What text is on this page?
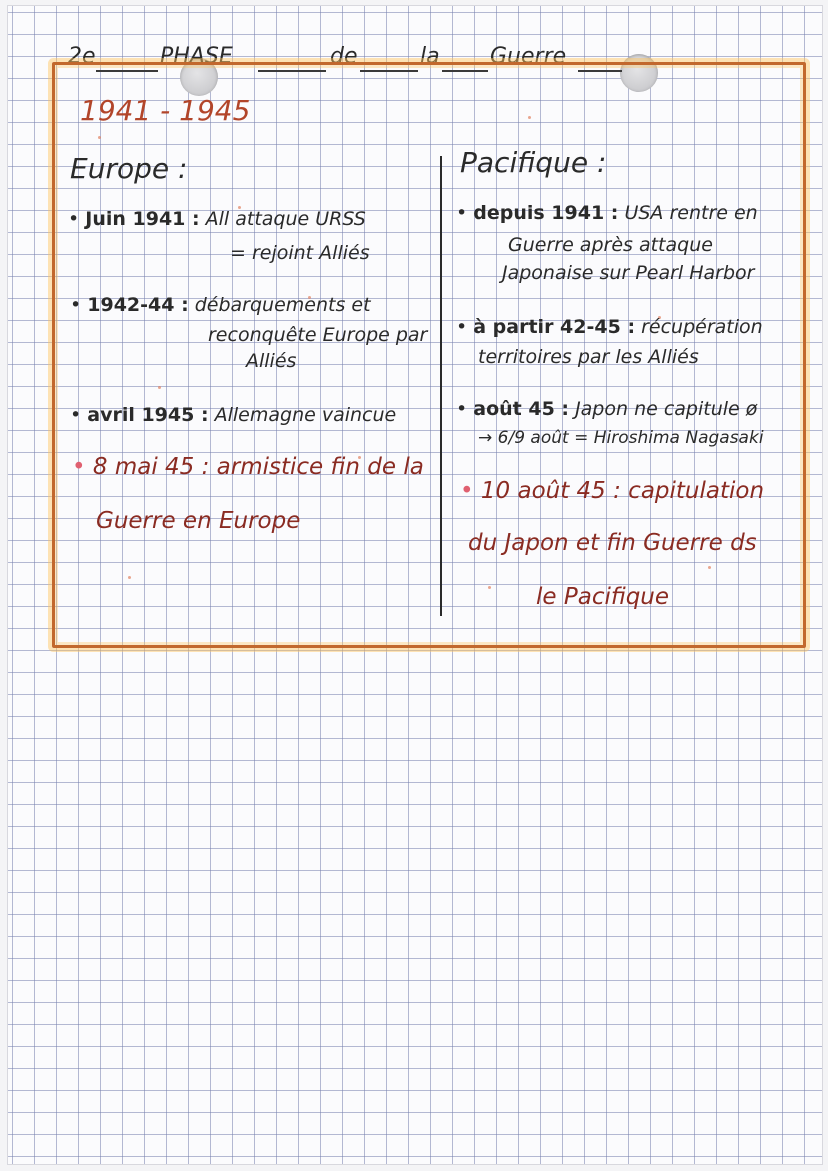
2e	PHASE	de	la Guerre
1941 - 1945
Europe :
• Juin 1941 : All attaque URSS
= rejoint Alliés
• 1942-44 : débarquements et
reconquête Europe par
Alliés
• avril 1945 : Allemagne vaincue
• 8 mai 45 : armistice fin de la
Guerre en Europe
Pacifique :
• depuis 1941 : USA rentre en
Guerre après attaque
Japonaise sur Pearl Harbor
• à partir 42-45 : récupération
territoires par les Alliés
• août 45 : Japon ne capitule ø
→ 6/9 août = Hiroshima Nagasaki
• 10 août 45 : capitulation
du Japon et fin Guerre ds
le Pacifique
